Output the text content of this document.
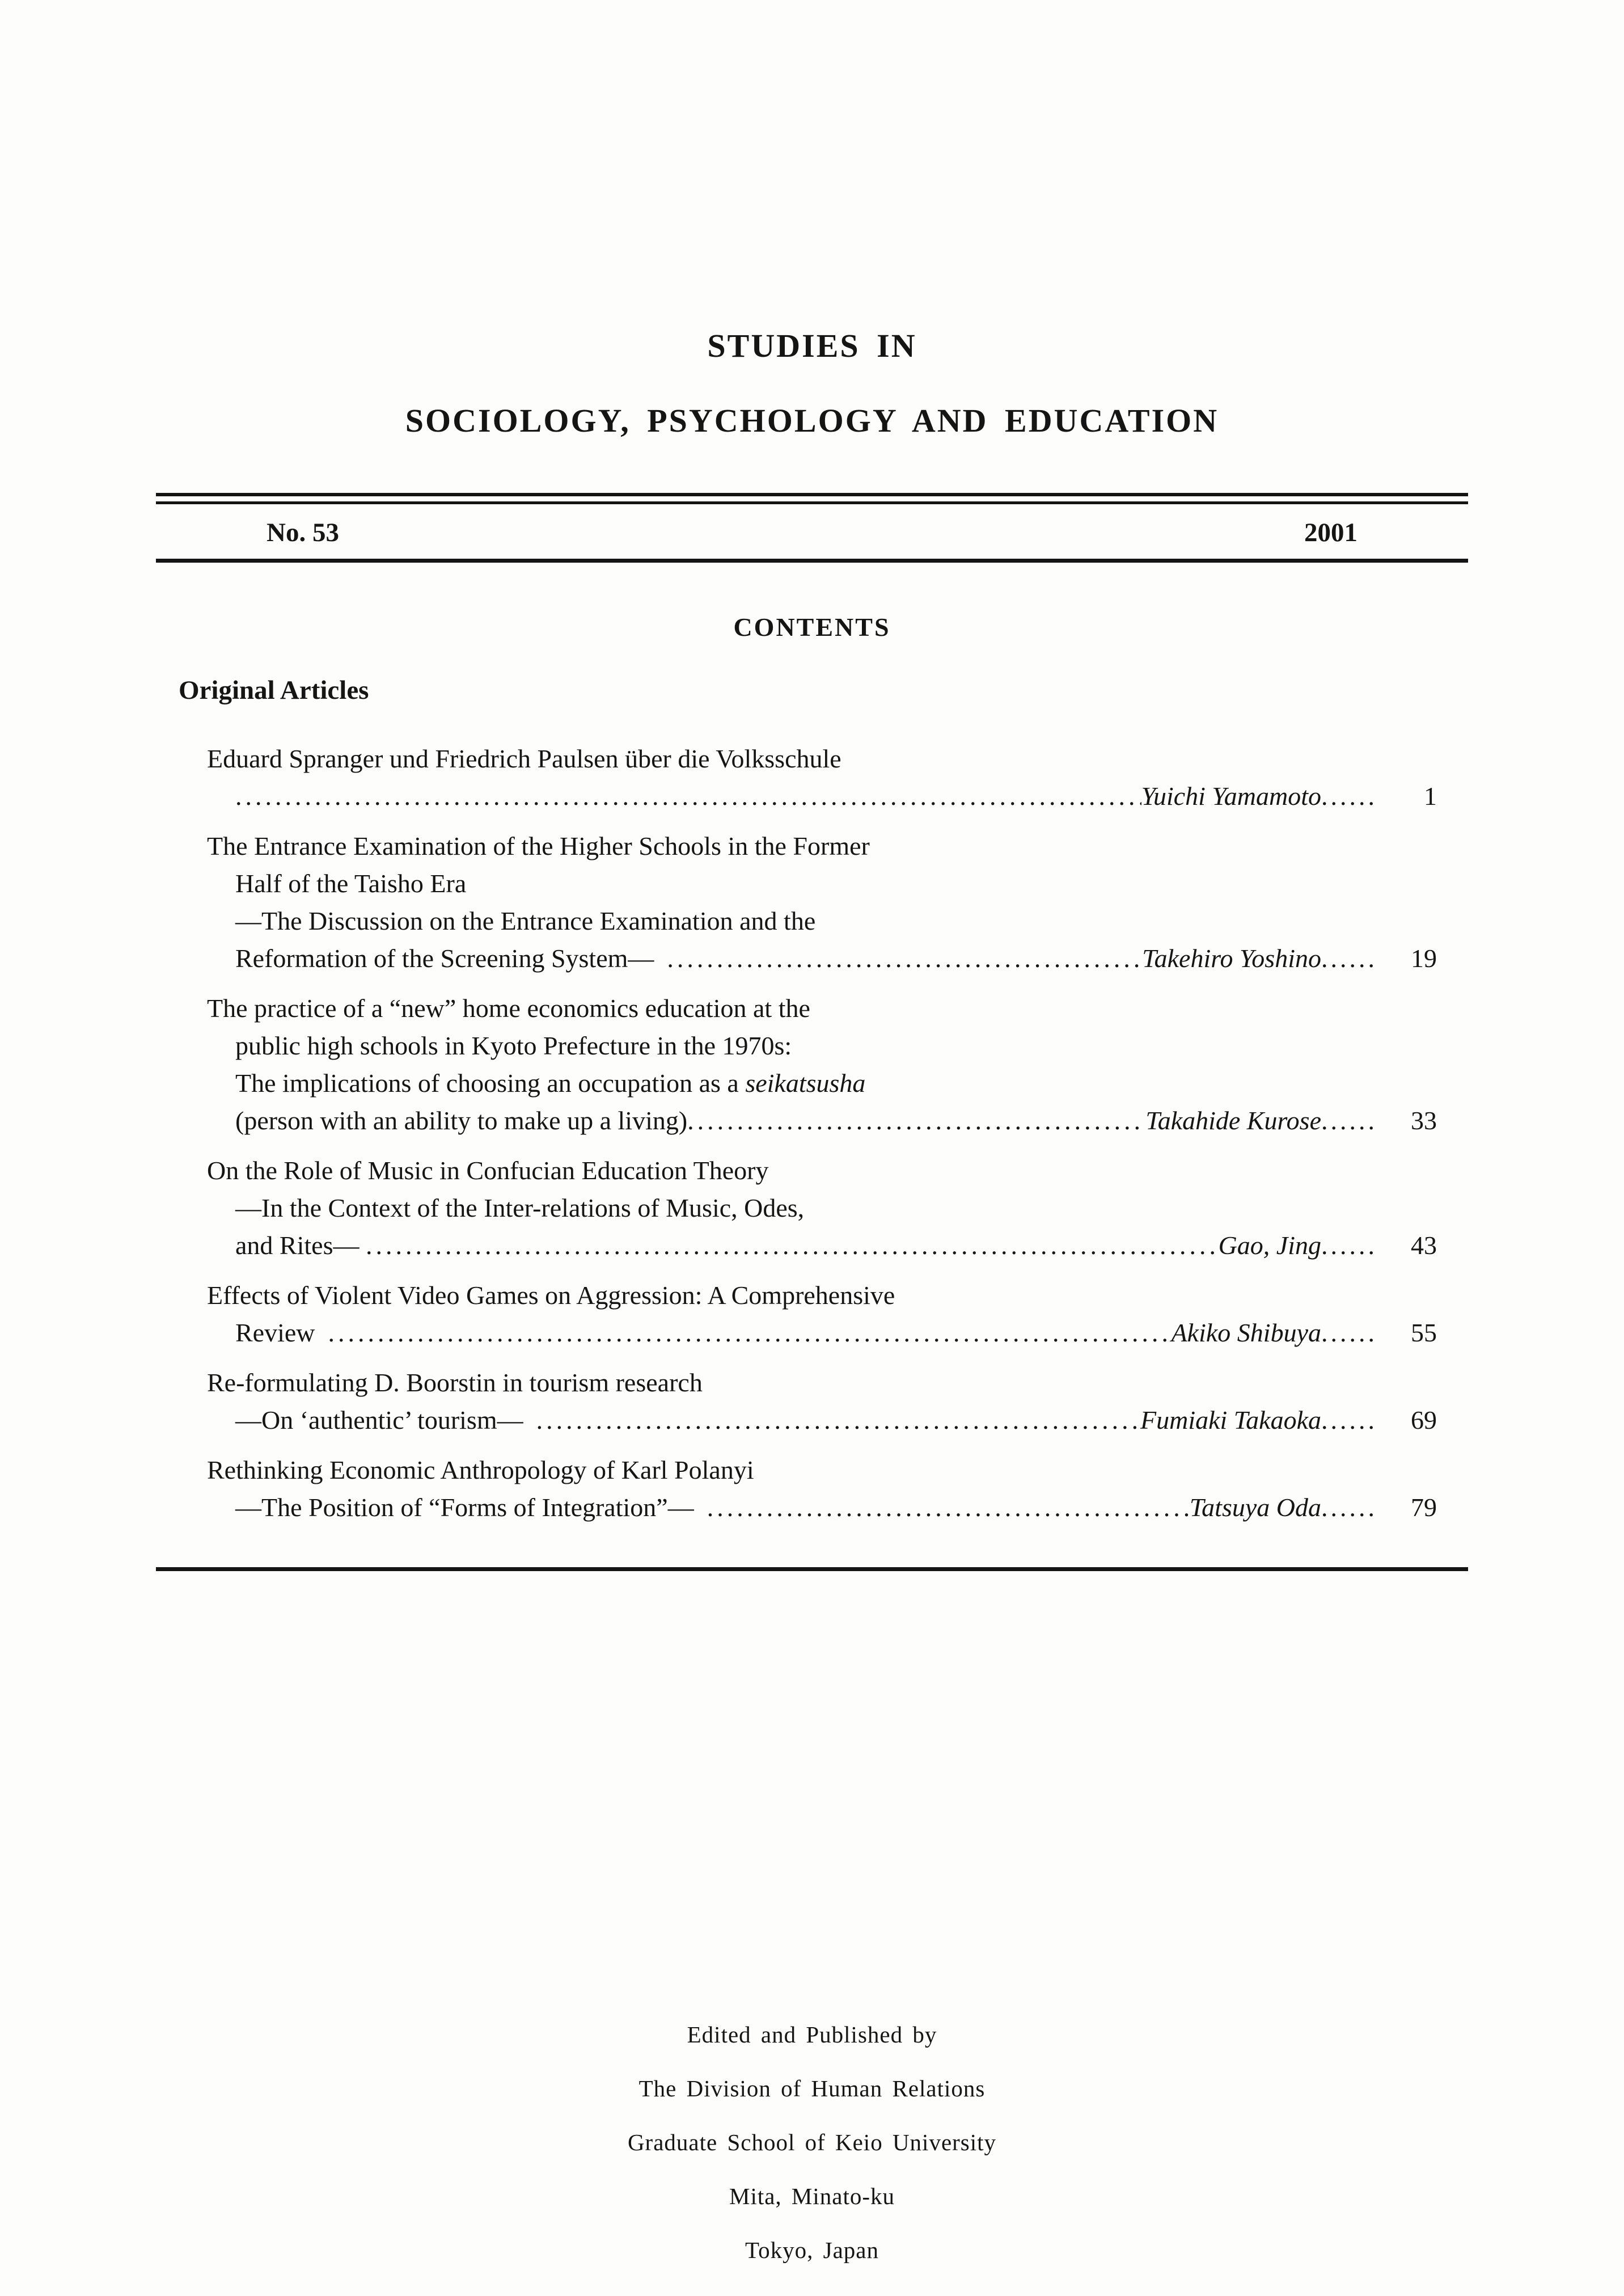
STUDIES IN
SOCIOLOGY, PSYCHOLOGY AND EDUCATION
No. 53	2001
CONTENTS
Original Articles
Eduard Spranger und Friedrich Paulsen über die Volksschule
.....
Yuichi Yamamoto ......	1
The Entrance Examination of the Higher Schools in the Former
Half of the Taisho Era
—The Discussion on the Entrance Examination and the
Reformation of the Screening System— .....	Takehiro Yoshino ......	19
The practice of a “new” home economics education at the
public high schools in Kyoto Prefecture in the 1970s:
The implications of choosing an occupation as a seikatsusha
(person with an ability to make up a living) .....	Takahide Kurose ......	33
On the Role of Music in Confucian Education Theory
—In the Context of the Inter-relations of Music, Odes,
and Rites— .....	Gao, Jing ......	43
Effects of Violent Video Games on Aggression: A Comprehensive
Review .....	Akiko Shibuya ......	55
Re-formulating D. Boorstin in tourism research
—On ‘authentic’ tourism— .....	Fumiaki Takaoka ......	69
Rethinking Economic Anthropology of Karl Polanyi
—The Position of “Forms of Integration”— .....	Tatsuya Oda ......	79
Edited and Published by
The Division of Human Relations
Graduate School of Keio University
Mita, Minato-ku
Tokyo, Japan
